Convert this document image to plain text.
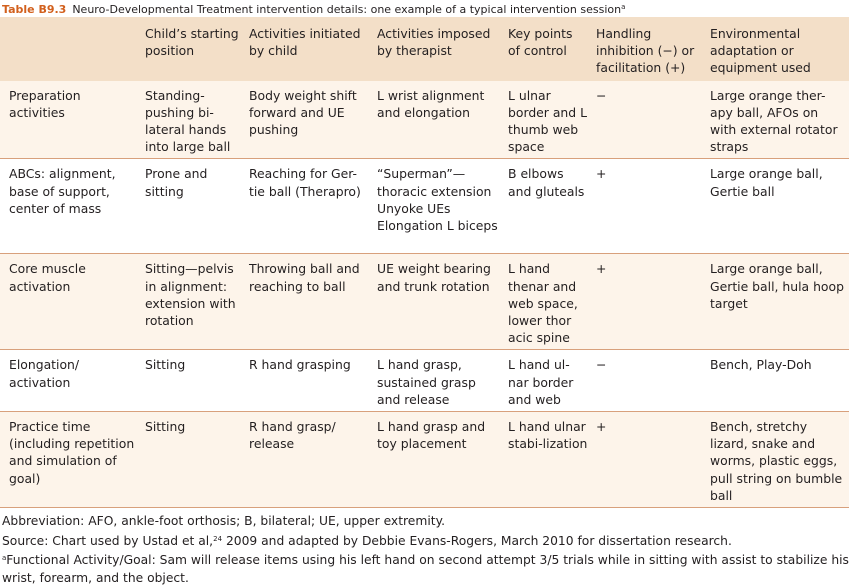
Table B9.3 Neuro-Developmental Treatment intervention details: one example of a typical intervention session$^a$
	Child’s starting position	Activities initiated by child	Activities imposed by therapist	Key points of control	Handling inhibition (−) or facilitation (+)	Environmental adaptation or equipment used
Preparation activities	Standing-pushing bi-lateral hands into large ball	Body weight shift forward and UE pushing	L wrist alignment and elongation	L ulnar border and L thumb web space	−	Large orange ther-apy ball, AFOs on with external rotator straps
ABCs: alignment, base of support, center of mass	Prone and sitting	Reaching for Ger-tie ball (Therapro)	“Superman”—thoracic extension Unyoke UEs Elongation L biceps	B elbows and gluteals	+	Large orange ball, Gertie ball
Core muscle activation	Sitting—pelvis in alignment: extension with rotation	Throwing ball and reaching to ball	UE weight bearing and trunk rotation	L hand thenar and web space, lower thor acic spine	+	Large orange ball, Gertie ball, hula hoop target
Elongation/ activation	Sitting	R hand grasping	L hand grasp, sustained grasp and release	L hand ul-nar border and web	−	Bench, Play-Doh
Practice time (including repetition and simulation of goal)	Sitting	R hand grasp/ release	L hand grasp and toy placement	L hand ulnar stabi-lization	+	Bench, stretchy lizard, snake and worms, plastic eggs, pull string on bumble ball
Abbreviation: AFO, ankle-foot orthosis; B, bilateral; UE, upper extremity.
Source: Chart used by Ustad et al,$^{24}$ 2009 and adapted by Debbie Evans-Rogers, March 2010 for dissertation research.
$^a$Functional Activity/Goal: Sam will release items using his left hand on second attempt 3/5 trials while in sitting with assist to stabilize his
wrist, forearm, and the object.
